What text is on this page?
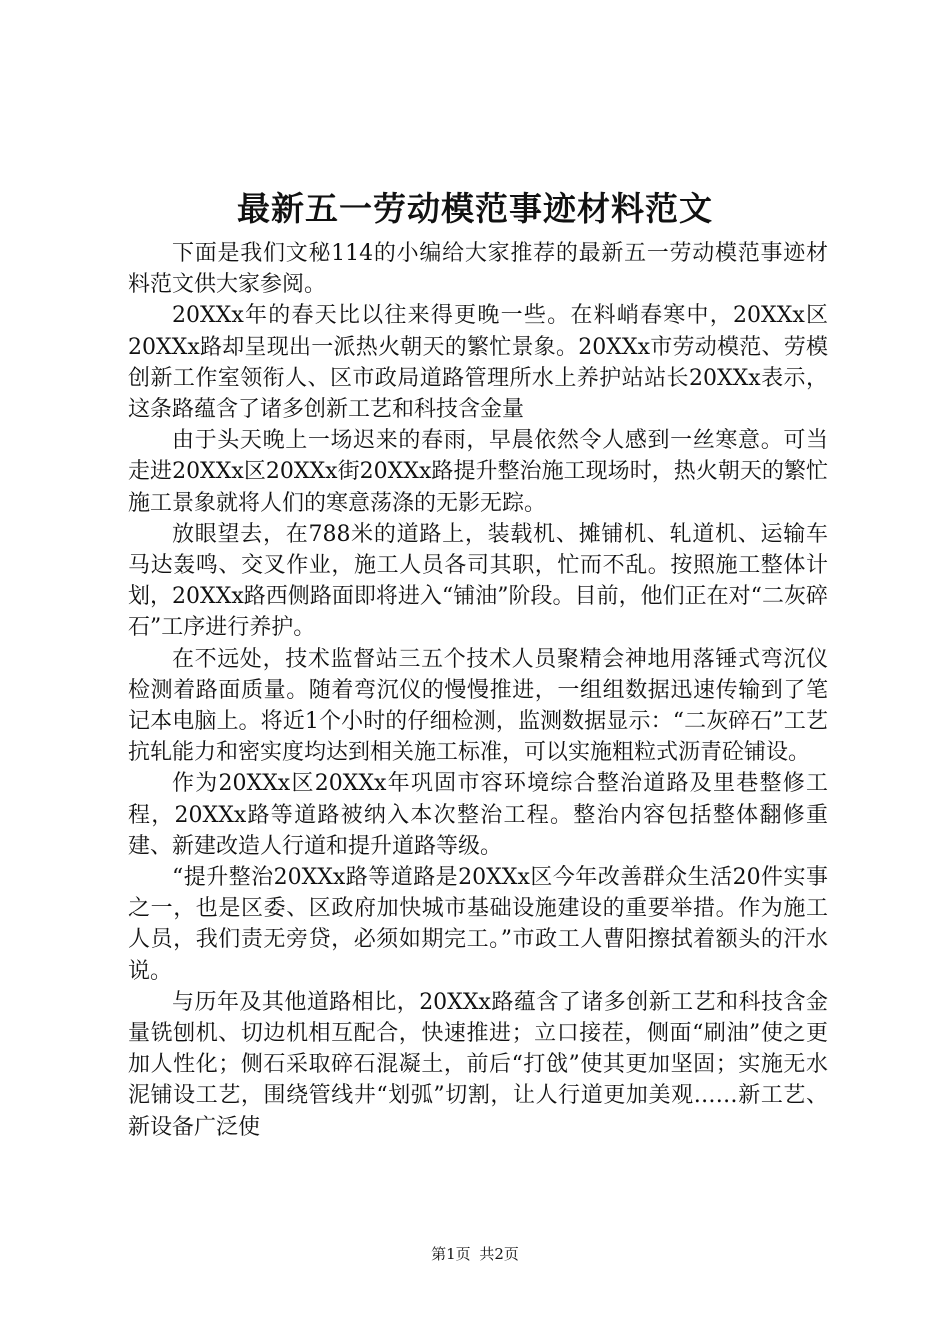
最新五一劳动模范事迹材料范文

下面是我们文秘114的小编给大家推荐的最新五一劳动模范事迹材料范文供大家参阅。

20XXx年的春天比以往来得更晚一些。在料峭春寒中，20XXx区20XXx路却呈现出一派热火朝天的繁忙景象。20XXx市劳动模范、劳模创新工作室领衔人、区市政局道路管理所水上养护站站长20XXx表示，这条路蕴含了诸多创新工艺和科技含金量

由于头天晚上一场迟来的春雨，早晨依然令人感到一丝寒意。可当走进20XXx区20XXx街20XXx路提升整治施工现场时，热火朝天的繁忙施工景象就将人们的寒意荡涤的无影无踪。

放眼望去，在788米的道路上，装载机、摊铺机、轧道机、运输车马达轰鸣、交叉作业，施工人员各司其职，忙而不乱。按照施工整体计划，20XXx路西侧路面即将进入“铺油”阶段。目前，他们正在对“二灰碎石”工序进行养护。

在不远处，技术监督站三五个技术人员聚精会神地用落锤式弯沉仪检测着路面质量。随着弯沉仪的慢慢推进，一组组数据迅速传输到了笔记本电脑上。将近1个小时的仔细检测，监测数据显示：“二灰碎石”工艺抗轧能力和密实度均达到相关施工标准，可以实施粗粒式沥青砼铺设。

作为20XXx区20XXx年巩固市容环境综合整治道路及里巷整修工程，20XXx路等道路被纳入本次整治工程。整治内容包括整体翻修重建、新建改造人行道和提升道路等级。

“提升整治20XXx路等道路是20XXx区今年改善群众生活20件实事之一，也是区委、区政府加快城市基础设施建设的重要举措。作为施工人员，我们责无旁贷，必须如期完工。”市政工人曹阳擦拭着额头的汗水说。

与历年及其他道路相比，20XXx路蕴含了诸多创新工艺和科技含金量铣刨机、切边机相互配合，快速推进；立口接茬，侧面“刷油”使之更加人性化；侧石采取碎石混凝土，前后“打戗”使其更加坚固；实施无水泥铺设工艺，围绕管线井“划弧”切割，让人行道更加美观……新工艺、新设备广泛使

第1页 共2页
